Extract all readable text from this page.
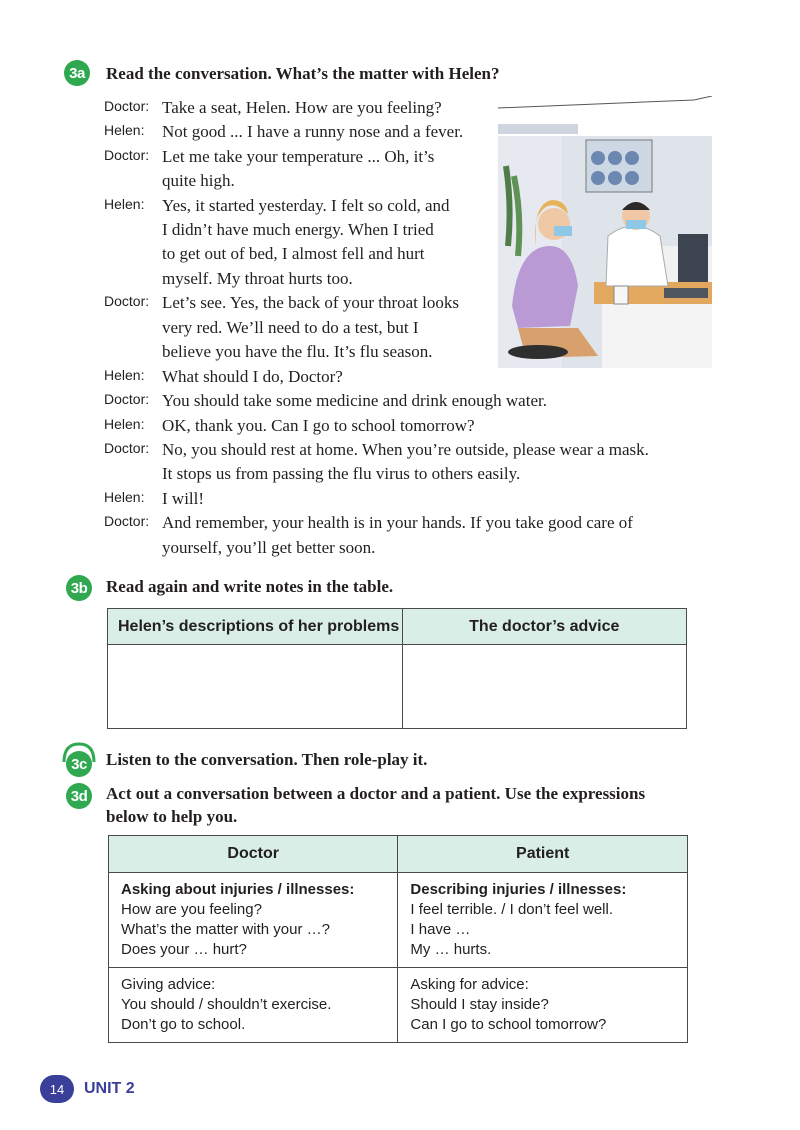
3a	Read the conversation. What’s the matter with Helen?
Doctor: Take a seat, Helen. How are you feeling?
Helen:	Not good ... I have a runny nose and a fever.
Doctor: Let me take your temperature ... Oh, it’s
quite high.
Helen:	Yes, it started yesterday. I felt so cold, and
I didn’t have much energy. When I tried
to get out of bed, I almost fell and hurt
myself. My throat hurts too.
Doctor: Let’s see. Yes, the back of your throat looks
very red. We’ll need to do a test, but I
believe you have the flu. It’s flu season.
Helen:	What should I do, Doctor?
Doctor: You should take some medicine and drink enough water.
Helen:	OK, thank you. Can I go to school tomorrow?
Doctor: No, you should rest at home. When you’re outside, please wear a mask.
It stops us from passing the flu virus to others easily.
Helen:	I will!
Doctor: And remember, your health is in your hands. If you take good care of
yourself, you’ll get better soon.
3b Read again and write notes in the table.
Helen’s descriptions of her problems	The doctor’s advice

3c	Listen to the conversation. Then role-play it.
3d Act out a conversation between a doctor and a patient. Use the expressions
below to help you.
Doctor	Patient

Asking about injuries / illnesses:
How are you feeling?
What’s the matter with your …?
Does your … hurt?	Describing injuries / illnesses:
I feel terrible. / I don’t feel well.
I have …
My … hurts.

Giving advice:
You should / shouldn’t exercise.
Don’t go to school.	Asking for advice:
Should I stay inside?
Can I go to school tomorrow?
14	UNIT 2
